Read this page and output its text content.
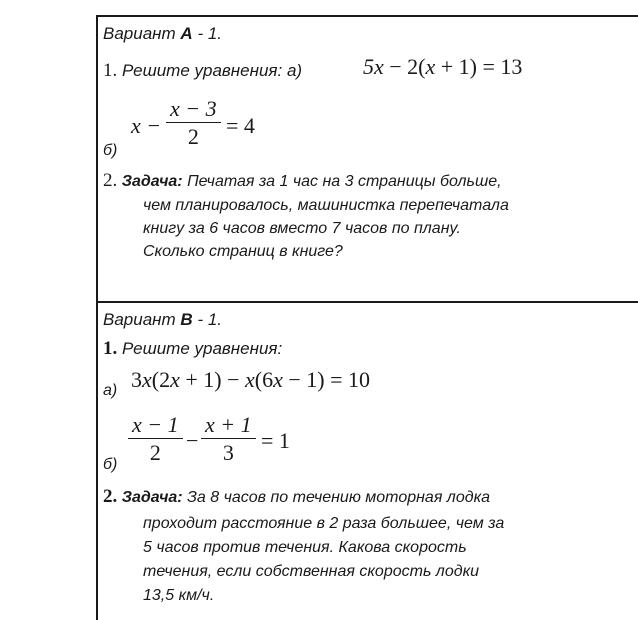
Вариант А - 1.
1. Решите уравнения: а)	5x − 2(x + 1) = 13
$x - \frac{x - 3}{2} = 4$
б)
2. Задача: Печатая за 1 час на 3 страницы больше,
чем планировалось, машинистка перепечатала
книгу за 6 часов вместо 7 часов по плану.
Сколько страниц в книге?
Вариант В - 1.
1. Решите уравнения:
а) 3x(2x + 1) − x(6x − 1) = 10
$\frac{x - 1}{2} - \frac{x + 1}{3} = 1$
б)
2. Задача: За 8 часов по течению моторная лодка
проходит расстояние в 2 раза большее, чем за
5 часов против течения. Какова скорость
течения, если собственная скорость лодки
13,5 км/ч.
